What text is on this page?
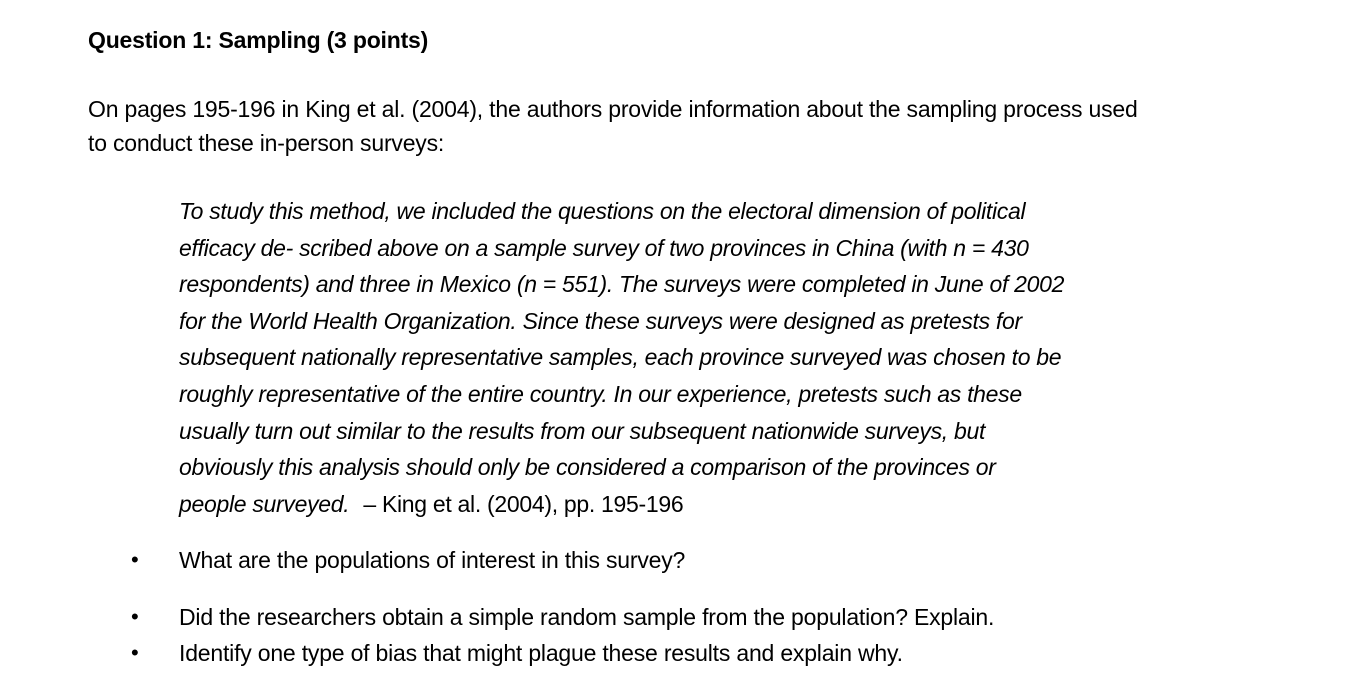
Question 1: Sampling (3 points)
On pages 195-196 in King et al. (2004), the authors provide information about the sampling process used
to conduct these in-person surveys:
To study this method, we included the questions on the electoral dimension of political
efficacy de- scribed above on a sample survey of two provinces in China (with n = 430
respondents) and three in Mexico (n = 551). The surveys were completed in June of 2002
for the World Health Organization. Since these surveys were designed as pretests for
subsequent nationally representative samples, each province surveyed was chosen to be
roughly representative of the entire country. In our experience, pretests such as these
usually turn out similar to the results from our subsequent nationwide surveys, but
obviously this analysis should only be considered a comparison of the provinces or
people surveyed. – King et al. (2004), pp. 195-196
• What are the populations of interest in this survey?
• Did the researchers obtain a simple random sample from the population? Explain.
• Identify one type of bias that might plague these results and explain why.
